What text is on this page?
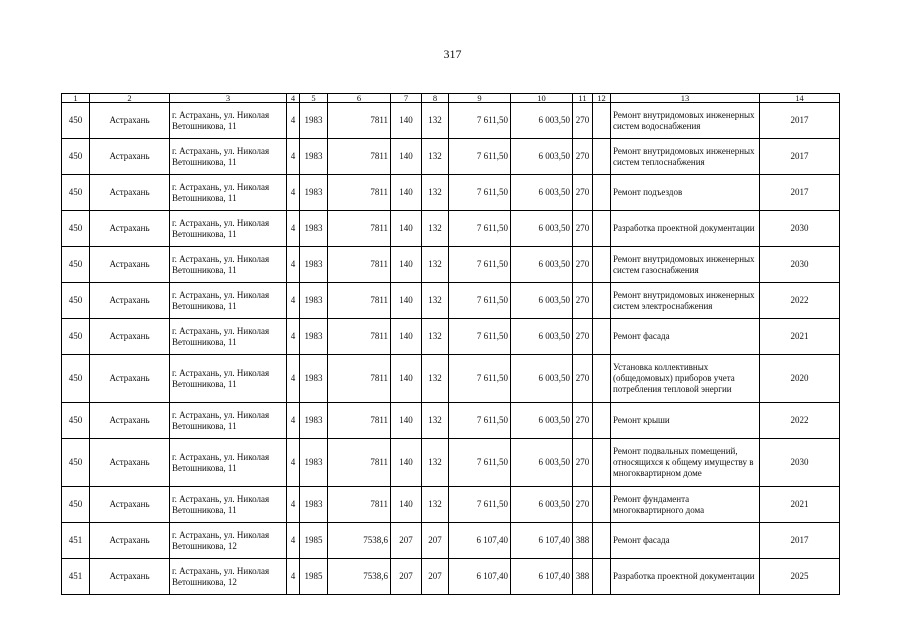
317
1	2	3	4	5	6	7	8	9	10	11	12	13	14
450	Астрахань	г. Астрахань, ул. Николая Ветошникова, 11	4	1983	7811	140	132	7 611,50	6 003,50	270		Ремонт внутридомовых инженерных систем водоснабжения	2017
450	Астрахань	г. Астрахань, ул. Николая Ветошникова, 11	4	1983	7811	140	132	7 611,50	6 003,50	270		Ремонт внутридомовых инженерных систем теплоснабжения	2017
450	Астрахань	г. Астрахань, ул. Николая Ветошникова, 11	4	1983	7811	140	132	7 611,50	6 003,50	270		Ремонт подъездов	2017
450	Астрахань	г. Астрахань, ул. Николая Ветошникова, 11	4	1983	7811	140	132	7 611,50	6 003,50	270		Разработка проектной документации	2030
450	Астрахань	г. Астрахань, ул. Николая Ветошникова, 11	4	1983	7811	140	132	7 611,50	6 003,50	270		Ремонт внутридомовых инженерных систем газоснабжения	2030
450	Астрахань	г. Астрахань, ул. Николая Ветошникова, 11	4	1983	7811	140	132	7 611,50	6 003,50	270		Ремонт внутридомовых инженерных систем электроснабжения	2022
450	Астрахань	г. Астрахань, ул. Николая Ветошникова, 11	4	1983	7811	140	132	7 611,50	6 003,50	270		Ремонт фасада	2021
450	Астрахань	г. Астрахань, ул. Николая Ветошникова, 11	4	1983	7811	140	132	7 611,50	6 003,50	270		Установка коллективных (общедомовых) приборов учета потребления тепловой энергии	2020
450	Астрахань	г. Астрахань, ул. Николая Ветошникова, 11	4	1983	7811	140	132	7 611,50	6 003,50	270		Ремонт крыши	2022
450	Астрахань	г. Астрахань, ул. Николая Ветошникова, 11	4	1983	7811	140	132	7 611,50	6 003,50	270		Ремонт подвальных помещений, относящихся к общему имуществу в многоквартирном доме	2030
450	Астрахань	г. Астрахань, ул. Николая Ветошникова, 11	4	1983	7811	140	132	7 611,50	6 003,50	270		Ремонт фундамента многоквартирного дома	2021
451	Астрахань	г. Астрахань, ул. Николая Ветошникова, 12	4	1985	7538,6	207	207	6 107,40	6 107,40	388		Ремонт фасада	2017
451	Астрахань	г. Астрахань, ул. Николая Ветошникова, 12	4	1985	7538,6	207	207	6 107,40	6 107,40	388		Разработка проектной документации	2025
